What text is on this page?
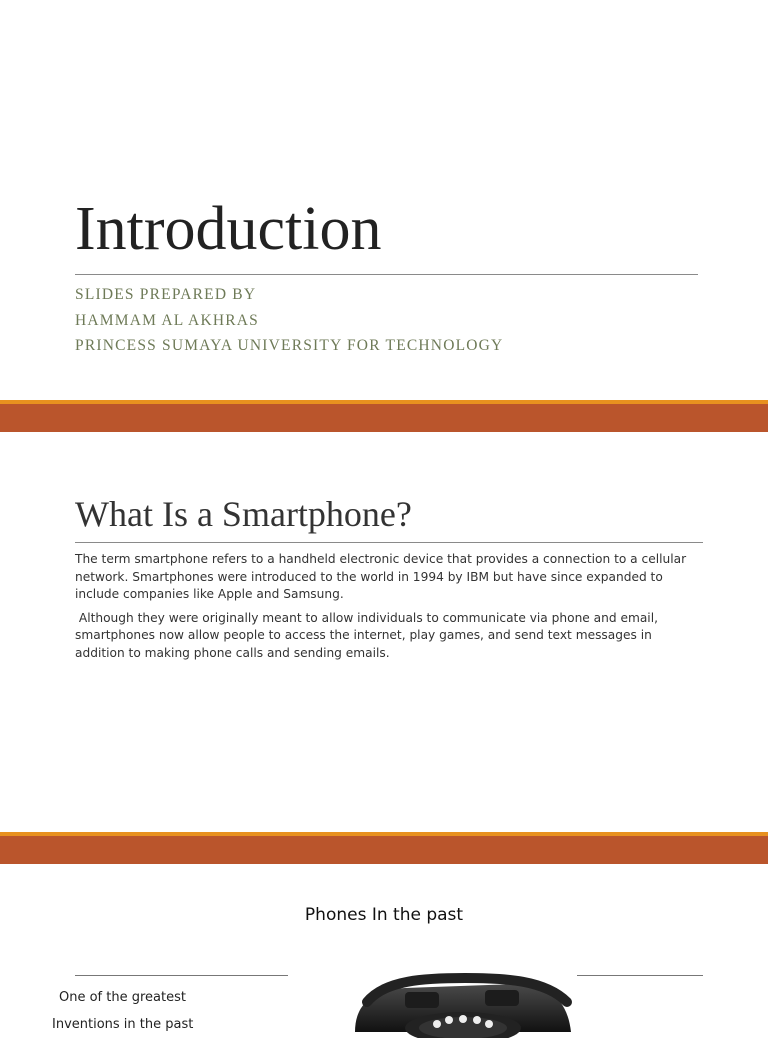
Introduction
SLIDES PREPARED BY
HAMMAM AL AKHRAS
PRINCESS SUMAYA UNIVERSITY FOR TECHNOLOGY
What Is a Smartphone?

The term smartphone refers to a handheld electronic device that provides a connection to a cellular network. Smartphones were introduced to the world in 1994 by IBM but have since expanded to include companies like Apple and Samsung.

Although they were originally meant to allow individuals to communicate via phone and email, smartphones now allow people to access the internet, play games, and send text messages in addition to making phone calls and sending emails.

Phones In the past
One of the greatest
Inventions in the past
